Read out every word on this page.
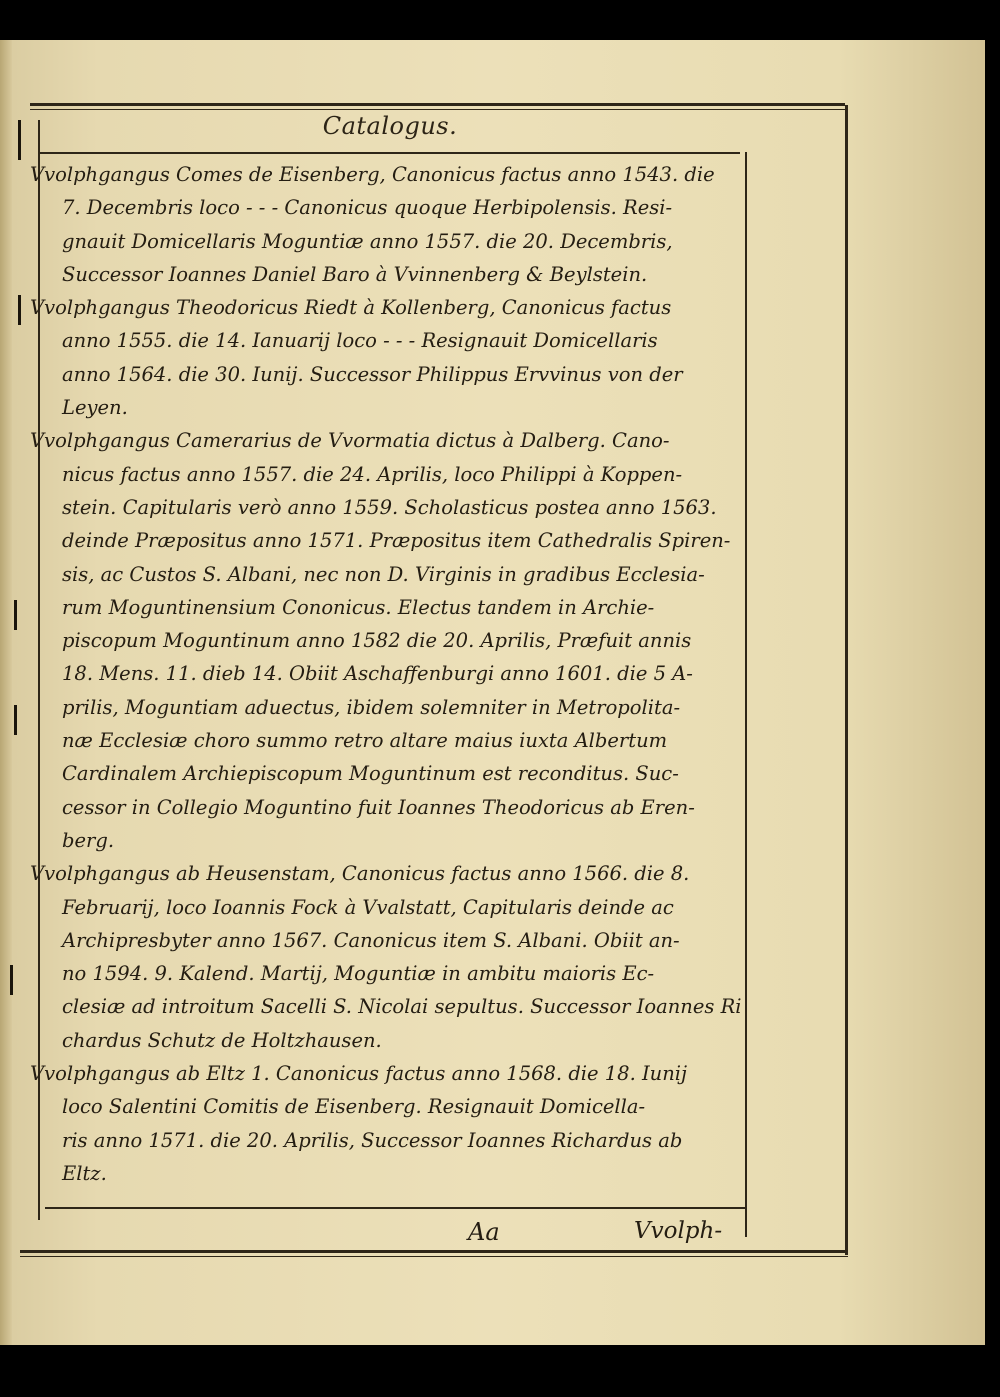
Catalogus.
Vvolphgangus Comes de Eisenberg, Canonicus factus anno 1543. die
7. Decembris loco - - - Canonicus quoque Herbipolensis. Resi-
gnauit Domicellaris Moguntiæ anno 1557. die 20. Decembris,
Successor Ioannes Daniel Baro à Vvinnenberg & Beylstein.
Vvolphgangus Theodoricus Riedt à Kollenberg, Canonicus factus
anno 1555. die 14. Ianuarij loco - - - Resignauit Domicellaris
anno 1564. die 30. Iunij. Successor Philippus Ervvinus von der
Leyen.
Vvolphgangus Camerarius de Vvormatia dictus à Dalberg. Cano-
nicus factus anno 1557. die 24. Aprilis, loco Philippi à Koppen-
stein. Capitularis verò anno 1559. Scholasticus postea anno 1563.
deinde Præpositus anno 1571. Præpositus item Cathedralis Spiren-
sis, ac Custos S. Albani, nec non D. Virginis in gradibus Ecclesia-
rum Moguntinensium Cononicus. Electus tandem in Archie-
piscopum Moguntinum anno 1582 die 20. Aprilis, Præfuit annis
18. Mens. 11. dieb 14. Obiit Aschaffenburgi anno 1601. die 5 A-
prilis, Moguntiam aduectus, ibidem solemniter in Metropolita-
næ Ecclesiæ choro summo retro altare maius iuxta Albertum
Cardinalem Archiepiscopum Moguntinum est reconditus. Suc-
cessor in Collegio Moguntino fuit Ioannes Theodoricus ab Eren-
berg.
Vvolphgangus ab Heusenstam, Canonicus factus anno 1566. die 8.
Februarij, loco Ioannis Fock à Vvalstatt, Capitularis deinde ac
Archipresbyter anno 1567. Canonicus item S. Albani. Obiit an-
no 1594. 9. Kalend. Martij, Moguntiæ in ambitu maioris Ec-
clesiæ ad introitum Sacelli S. Nicolai sepultus. Successor Ioannes Ri
chardus Schutz de Holtzhausen.
Vvolphgangus ab Eltz 1. Canonicus factus anno 1568. die 18. Iunij
loco Salentini Comitis de Eisenberg. Resignauit Domicella-
ris anno 1571. die 20. Aprilis, Successor Ioannes Richardus ab
Eltz.
Aa	Vvolph-
